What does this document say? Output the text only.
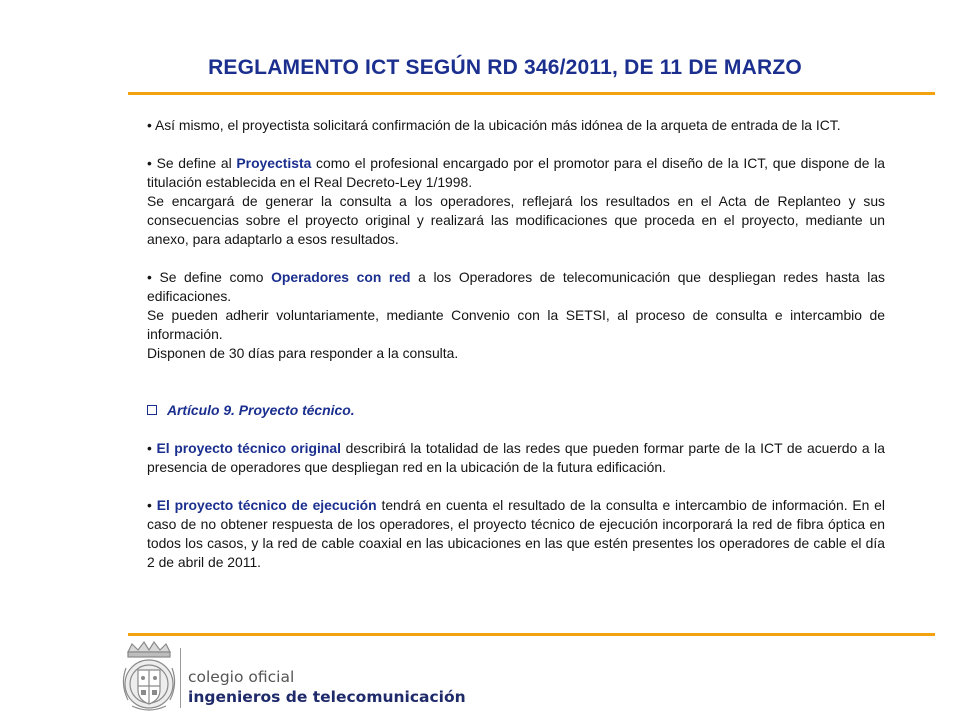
REGLAMENTO ICT SEGÚN RD 346/2011, DE 11 DE MARZO

• Así mismo, el proyectista solicitará confirmación de la ubicación más idónea de la arqueta de entrada de la ICT.

• Se define al Proyectista como el profesional encargado por el promotor para el diseño de la ICT, que dispone de la titulación establecida en el Real Decreto-Ley 1/1998.

Se encargará de generar la consulta a los operadores, reflejará los resultados en el Acta de Replanteo y sus consecuencias sobre el proyecto original y realizará las modificaciones que proceda en el proyecto, mediante un anexo, para adaptarlo a esos resultados.

• Se define como Operadores con red a los Operadores de telecomunicación que despliegan redes hasta las edificaciones.

Se pueden adherir voluntariamente, mediante Convenio con la SETSI, al proceso de consulta e intercambio de información.

Disponen de 30 días para responder a la consulta.

Artículo 9. Proyecto técnico.

• El proyecto técnico original describirá la totalidad de las redes que pueden formar parte de la ICT de acuerdo a la presencia de operadores que despliegan red en la ubicación de la futura edificación.

• El proyecto técnico de ejecución tendrá en cuenta el resultado de la consulta e intercambio de información. En el caso de no obtener respuesta de los operadores, el proyecto técnico de ejecución incorporará la red de fibra óptica en todos los casos, y la red de cable coaxial en las ubicaciones en las que estén presentes los operadores de cable el día 2 de abril de 2011.

colegio oficial
ingenieros de telecomunicación
